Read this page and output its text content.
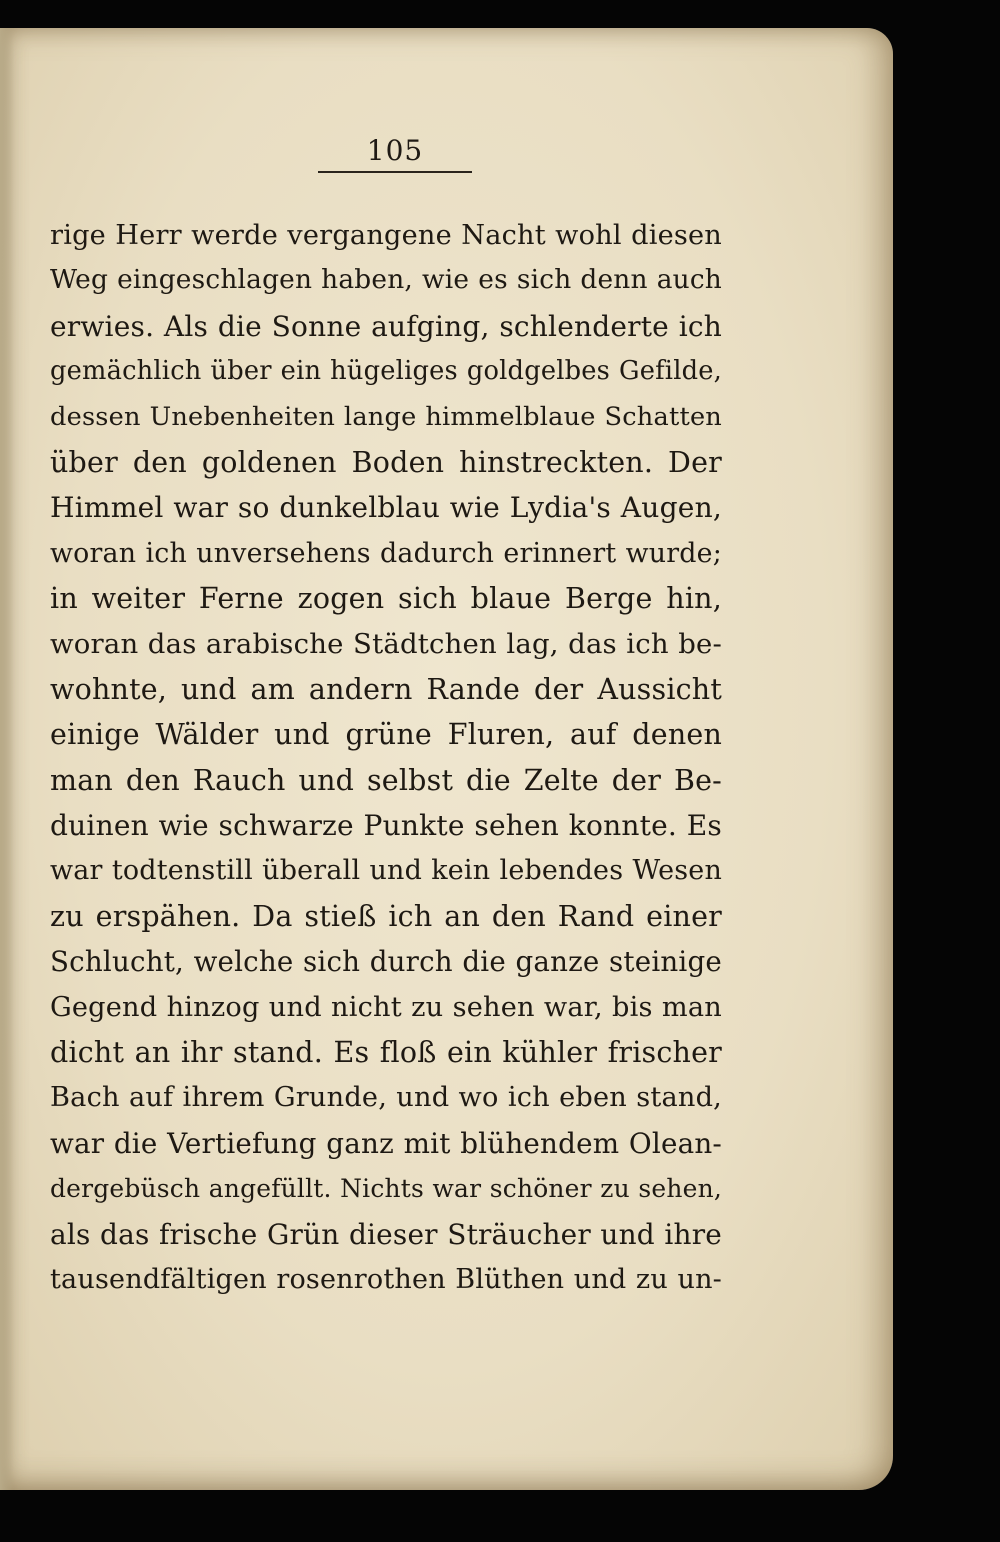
105
rige Herr werde vergangene Nacht wohl diesen
Weg eingeschlagen haben, wie es sich denn auch
erwies. Als die Sonne aufging, schlenderte ich
gemächlich über ein hügeliges goldgelbes Gefilde,
dessen Unebenheiten lange himmelblaue Schatten
über den goldenen Boden hinstreckten. Der
Himmel war so dunkelblau wie Lydia's Augen,
woran ich unversehens dadurch erinnert wurde;
in weiter Ferne zogen sich blaue Berge hin,
woran das arabische Städtchen lag, das ich be-
wohnte, und am andern Rande der Aussicht
einige Wälder und grüne Fluren, auf denen
man den Rauch und selbst die Zelte der Be-
duinen wie schwarze Punkte sehen konnte. Es
war todtenstill überall und kein lebendes Wesen
zu erspähen. Da stieß ich an den Rand einer
Schlucht, welche sich durch die ganze steinige
Gegend hinzog und nicht zu sehen war, bis man
dicht an ihr stand. Es floß ein kühler frischer
Bach auf ihrem Grunde, und wo ich eben stand,
war die Vertiefung ganz mit blühendem Olean-
dergebüsch angefüllt. Nichts war schöner zu sehen,
als das frische Grün dieser Sträucher und ihre
tausendfältigen rosenrothen Blüthen und zu un-
